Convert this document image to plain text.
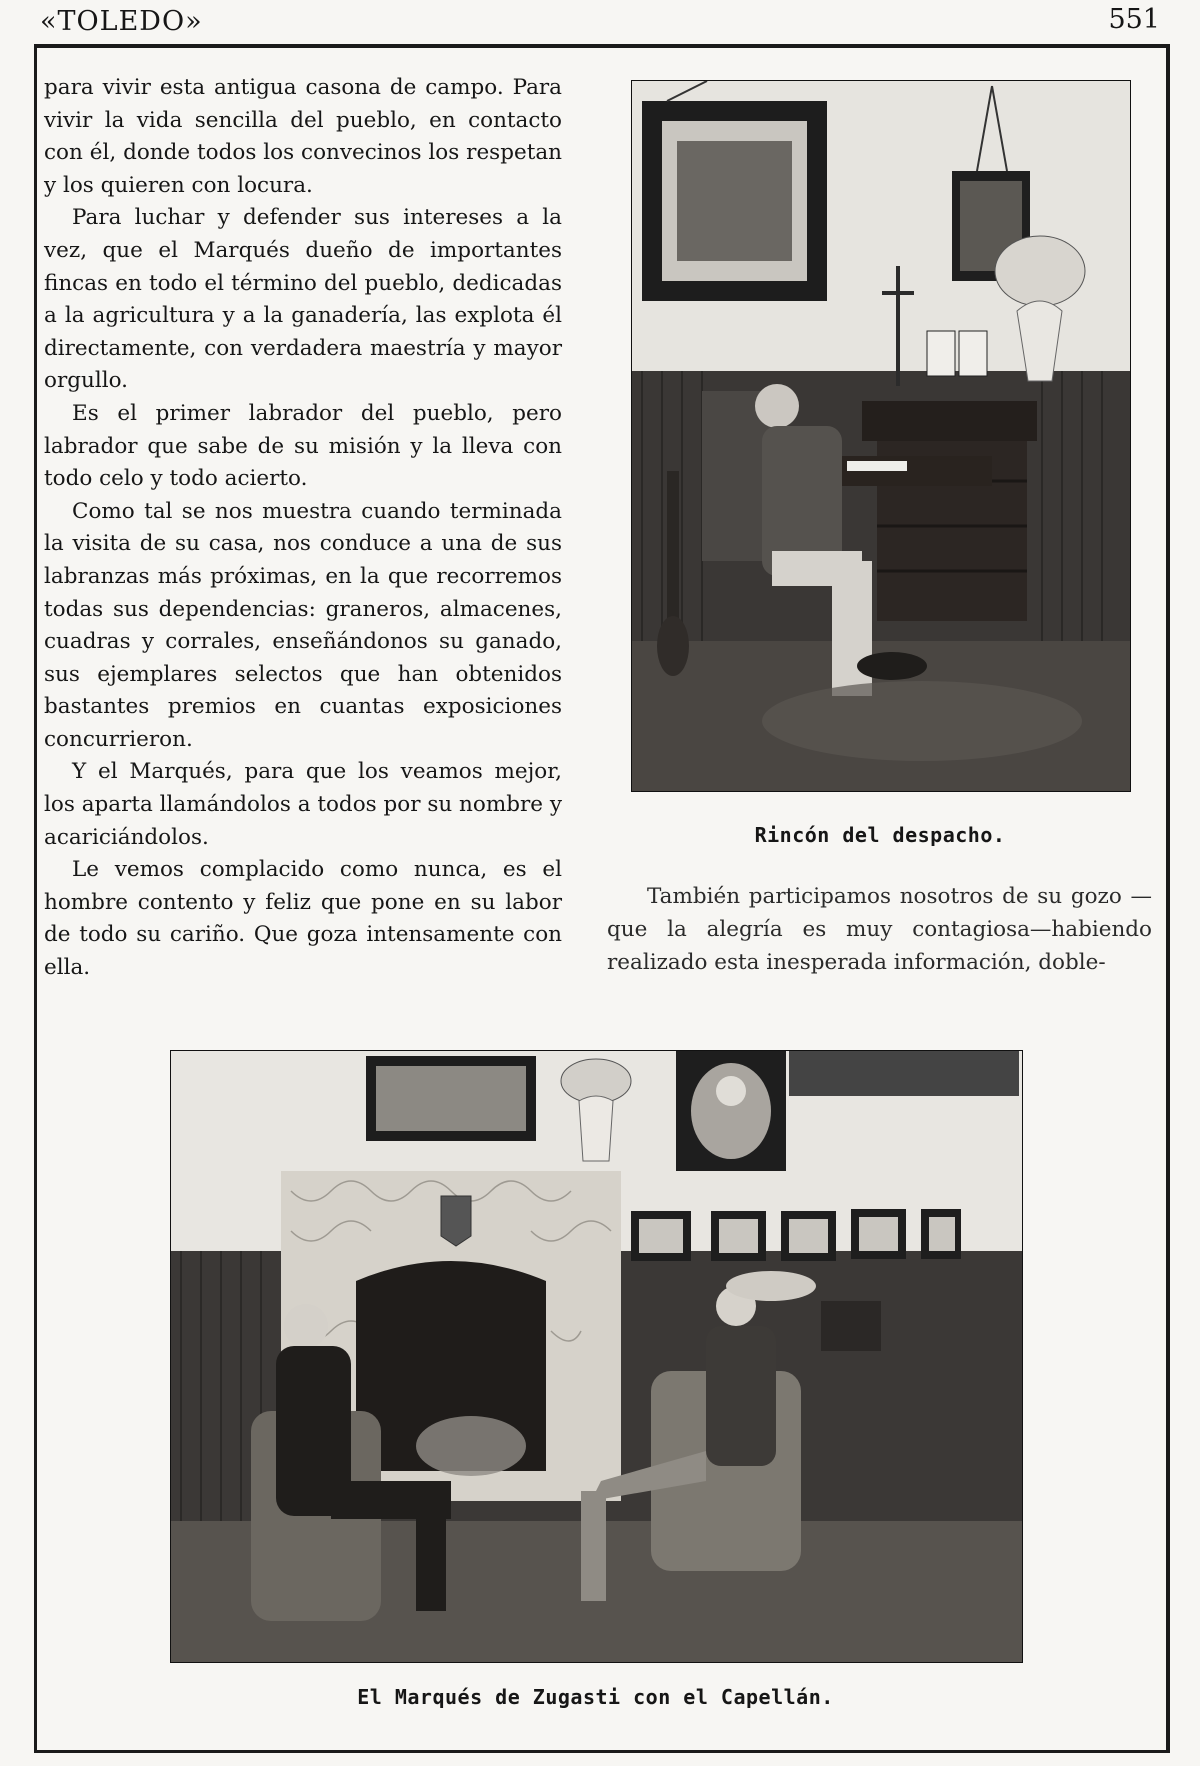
«TOLEDO»	551

para vivir esta antigua casona de campo. Para vivir la vida sencilla del pueblo, en contacto con él, donde todos los convecinos los respetan y los quieren con locura.

Para luchar y defender sus intereses a la vez, que el Marqués dueño de importantes fincas en todo el término del pueblo, dedicadas a la agricultura y a la ganadería, las explota él directamente, con verdadera maestría y mayor orgullo.

Es el primer labrador del pueblo, pero labrador que sabe de su misión y la lleva con todo celo y todo acierto.

Como tal se nos muestra cuando terminada la visita de su casa, nos conduce a una de sus labranzas más próximas, en la que recorremos todas sus dependencias: graneros, almacenes, cuadras y corrales, enseñándonos su ganado, sus ejemplares selectos que han obtenidos bastantes premios en cuantas exposiciones concurrieron.

Y el Marqués, para que los veamos mejor, los aparta llamándolos a todos por su nombre y acariciándolos.

Le vemos complacido como nunca, es el hombre contento y feliz que pone en su labor de todo su cariño. Que goza intensamente con ella.

Rincón del despacho.

También participamos nosotros de su gozo —que la alegría es muy contagiosa—habiendo realizado esta inesperada información, doble-

El Marqués de Zugasti con el Capellán.
